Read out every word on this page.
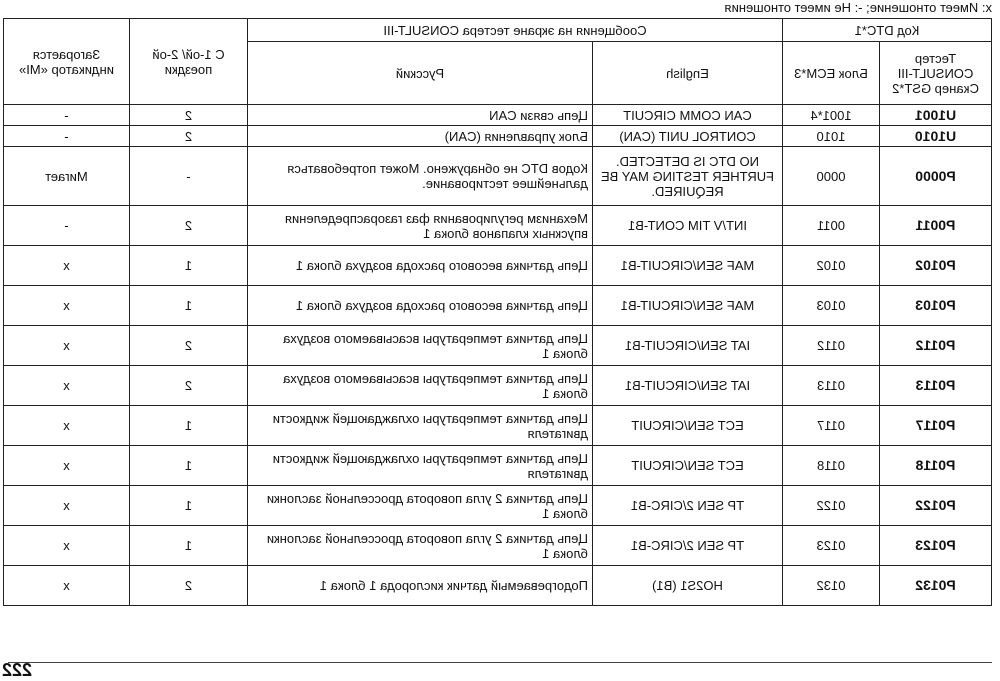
x: Имеет отношение; -: Не имеет отношения
Код DTC*1		Сообщения на экране тестера CONSULT-III		С 1-ой/ 2-ой поездки	Загорается индикатор «MI»
Тестер CONSULT-III Сканер GST*2	Блок ECM*3	English	Русский		
U1001	1001*4	CAN COMM CIRCUIT	Цепь связи CAN	2	-
U1010	1010	CONTROL UNIT (CAN)	Блок управления (CAN)	2	-
P0000	0000	NO DTC IS DETECTED. FURTHER TESTING MAY BE REQUIRED.	Кодов DTC не обнаружено. Может потребоваться дальнейшее тестирование.	-	Мигает
P0011	0011	INT/V TIM CONT-B1	Механизм регулирования фаз газораспределения впускных клапанов блока 1	2	-
P0102	0102	MAF SEN/CIRCUIT-B1	Цепь датчика весового расхода воздуха блока 1	1	x
P0103	0103	MAF SEN/CIRCUIT-B1	Цепь датчика весового расхода воздуха блока 1	1	x
P0112	0112	IAT SEN/CIRCUIT-B1	Цепь датчика температуры всасываемого воздуха блока 1	2	x
P0113	0113	IAT SEN/CIRCUIT-B1	Цепь датчика температуры всасываемого воздуха блока 1	2	x
P0117	0117	ECT SEN/CIRCUIT	Цепь датчика температуры охлаждающей жидкости двигателя	1	x
P0118	0118	ECT SEN/CIRCUIT	Цепь датчика температуры охлаждающей жидкости двигателя	1	x
P0122	0122	TP SEN 2/CIRC-B1	Цепь датчика 2 угла поворота дроссельной заслонки блока 1	1	x
P0123	0123	TP SEN 2/CIRC-B1	Цепь датчика 2 угла поворота дроссельной заслонки блока 1	1	x
P0132	0132	HO2S1 (B1)	Подогреваемый датчик кислорода 1 блока 1	2	x
222
